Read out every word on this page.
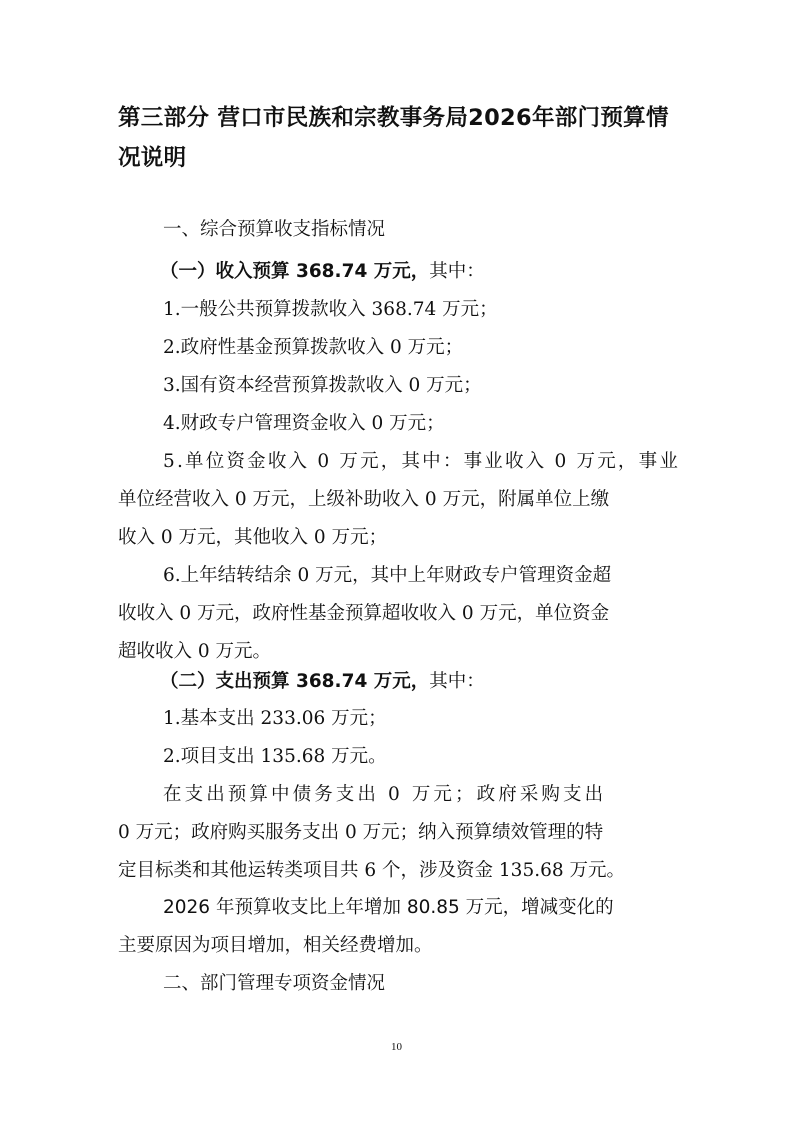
第三部分 营口市民族和宗教事务局2026年部门预算情
况说明
一、综合预算收支指标情况
（一）收入预算 368.74 万元，其中：
1.一般公共预算拨款收入 368.74 万元；
2.政府性基金预算拨款收入 0 万元；
3.国有资本经营预算拨款收入 0 万元；
4.财政专户管理资金收入 0 万元；
5.单位资金收入 0 万元，其中：事业收入 0 万元，事业
单位经营收入 0 万元，上级补助收入 0 万元，附属单位上缴
收入 0 万元，其他收入 0 万元；
6.上年结转结余 0 万元，其中上年财政专户管理资金超
收收入 0 万元，政府性基金预算超收收入 0 万元，单位资金
超收收入 0 万元。
（二）支出预算 368.74 万元，其中：
1.基本支出 233.06 万元；
2.项目支出 135.68 万元。
在支出预算中债务支出 0 万元；政府采购支出
0 万元；政府购买服务支出 0 万元；纳入预算绩效管理的特
定目标类和其他运转类项目共 6 个，涉及资金 135.68 万元。
2026 年预算收支比上年增加 80.85 万元，增减变化的
主要原因为项目增加，相关经费增加。
二、部门管理专项资金情况
10
